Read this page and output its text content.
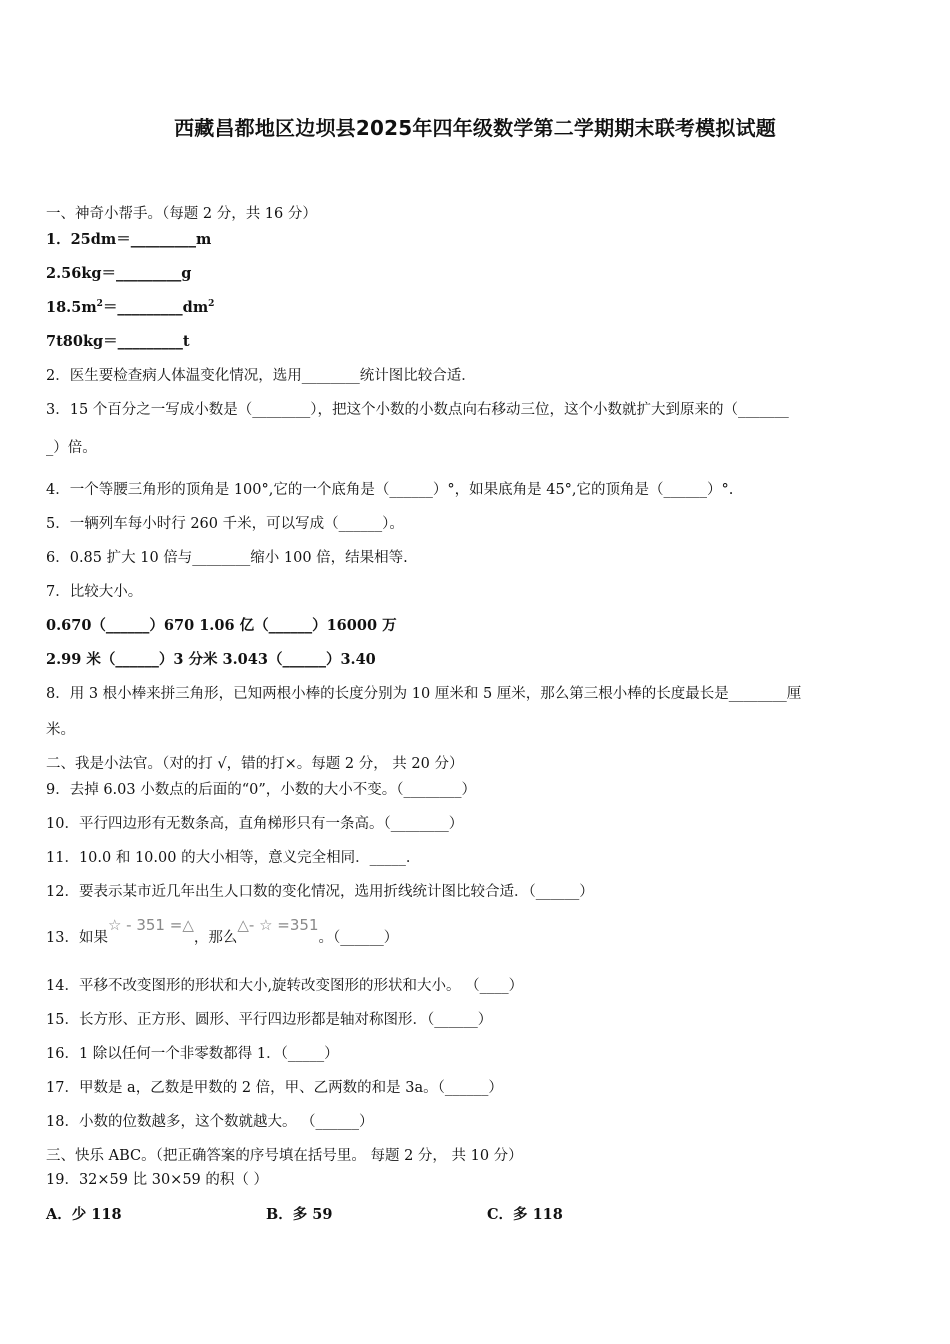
西藏昌都地区边坝县2025年四年级数学第二学期期末联考模拟试题
一、神奇小帮手。（每题 2 分，共 16 分）
1．25dm＝_________m
2.56kg＝_________g
$18.5m^2=\_\_\_\_\_\_\_\_\_dm^2$
7t80kg＝_________t
2．医生要检查病人体温变化情况，选用________统计图比较合适．
3．15 个百分之一写成小数是（________），把这个小数的小数点向右移动三位，这个小数就扩大到原来的（_______
_）倍。
4．一个等腰三角形的顶角是 100°,它的一个底角是（______）°，如果底角是 45°,它的顶角是（______）°.
5．一辆列车每小时行 260 千米，可以写成（______）。
6．0.85 扩大 10 倍与________缩小 100 倍，结果相等.
7．比较大小。
0.670（______）670 1.06 亿（______）16000 万
2.99 米（______）3 分米 3.043（______）3.40
8．用 3 根小棒来拼三角形，已知两根小棒的长度分别为 10 厘米和 5 厘米，那么第三根小棒的长度最长是________厘
米。
二、我是小法官。（对的打 √，错的打×。每题 2 分， 共 20 分）
9．去掉 6.03 小数点的后面的“0”，小数的大小不变。（________）
10．平行四边形有无数条高，直角梯形只有一条高。（________）
11．10.0 和 10.00 的大小相等，意义完全相同．_____．
12．要表示某市近几年出生人口数的变化情况，选用折线统计图比较合适．（______）
13．如果☆ - 351 =△，那么△- ☆ =351。（______）
14．平移不改变图形的形状和大小,旋转改变图形的形状和大小。 （____）
15．长方形、正方形、圆形、平行四边形都是轴对称图形．（______）
16．1 除以任何一个非零数都得 1．（_____）
17．甲数是 a，乙数是甲数的 2 倍，甲、乙两数的和是 3a。（______）
18．小数的位数越多，这个数就越大。 （______）
三、快乐 ABC。（把正确答案的序号填在括号里。 每题 2 分， 共 10 分）
19．32×59 比 30×59 的积（ ）
A．少 118	B．多 59	C．多 118
